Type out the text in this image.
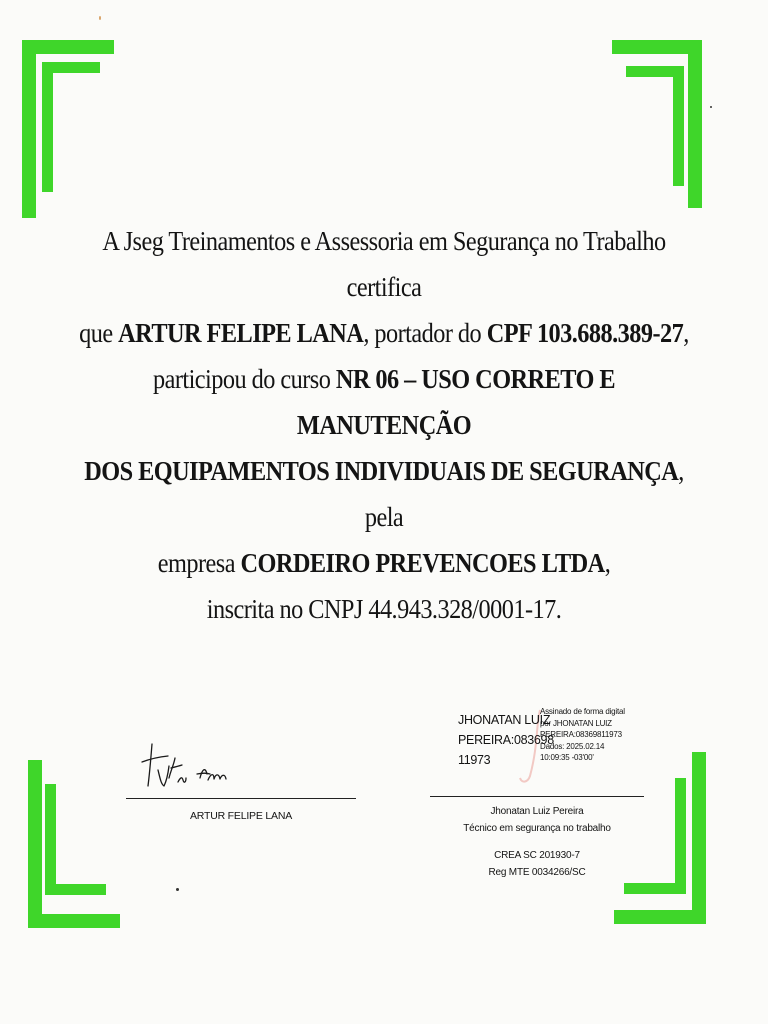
A Jseg Treinamentos e Assessoria em Segurança no Trabalho certifica
que ARTUR FELIPE LANA, portador do CPF 103.688.389-27,
participou do curso NR 06 – USO CORRETO E MANUTENÇÃO
DOS EQUIPAMENTOS INDIVIDUAIS DE SEGURANÇA, pela
empresa CORDEIRO PREVENCOES LTDA,
inscrita no CNPJ 44.943.328/0001-17.
ARTUR FELIPE LANA
JHONATAN LUIZ
PEREIRA:083698
11973
Assinado de forma digital
por JHONATAN LUIZ
PEREIRA:08369811973
Dados: 2025.02.14
10:09:35 -03'00'
Jhonatan Luiz Pereira
Técnico em segurança no trabalho
CREA SC 201930-7
Reg MTE 0034266/SC
